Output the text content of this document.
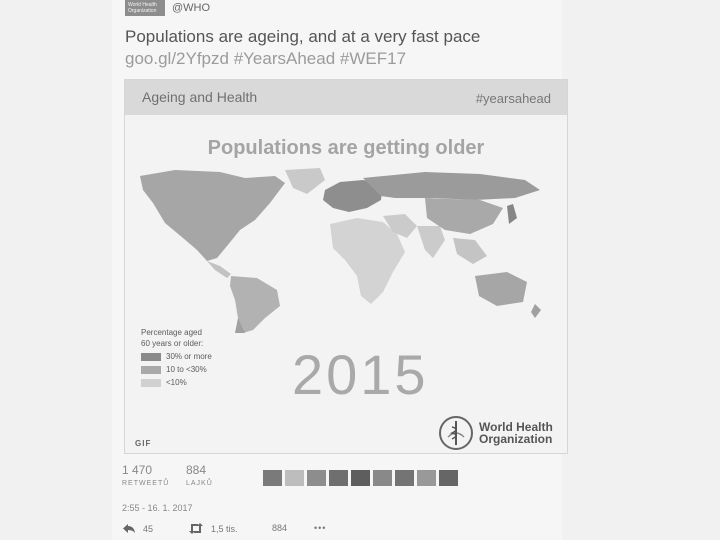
World Health Organization	@WHO
Populations are ageing, and at a very fast pace goo.gl/2Yfpzd #YearsAhead #WEF17
Ageing and Health	#yearsahead
Populations are getting older
Percentage aged
60 years or older:
30% or more
10 to <30%
<10% 2015
GIF
World Health
Organization
1 470
RETWEETŮ
884
LAJKŮ
2:55 - 16. 1. 2017
45	1,5 tis.	884	•••
